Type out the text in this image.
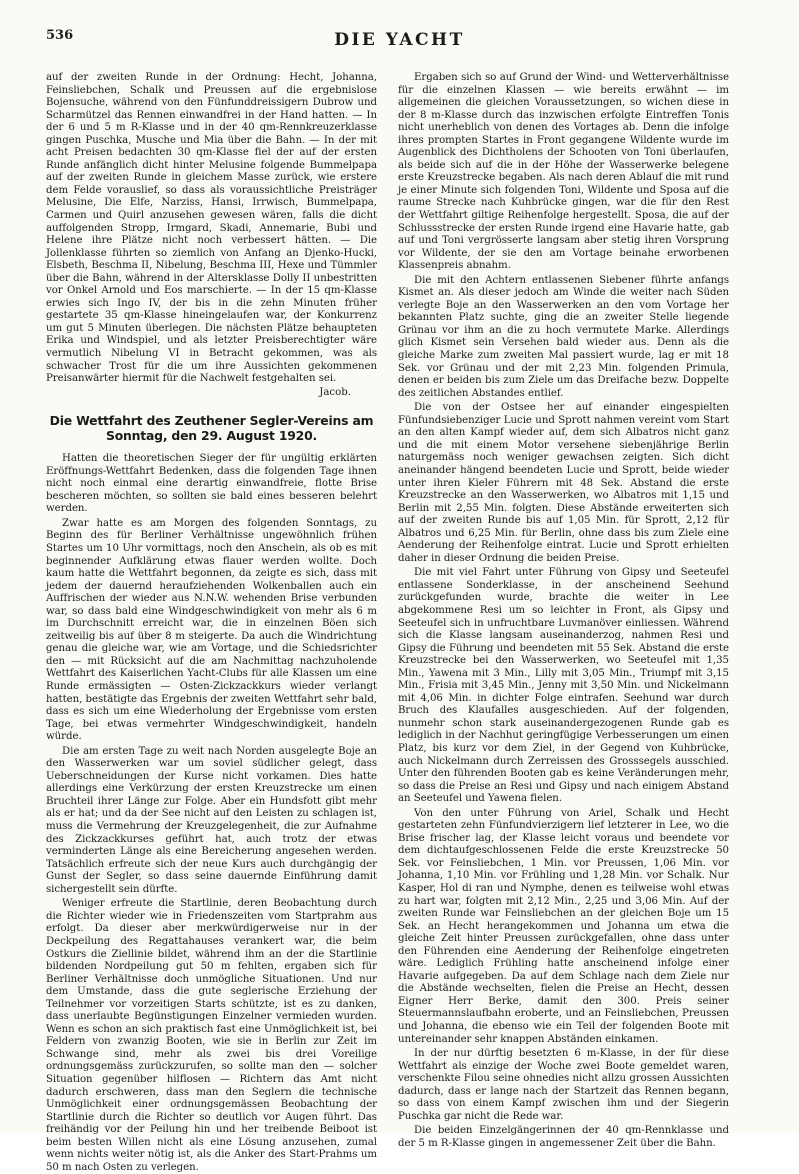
536	DIE YACHT

auf der zweiten Runde in der Ordnung: Hecht, Johanna, Feinsliebchen, Schalk und Preussen auf die ergebnislose Bojensuche, während von den Fünfunddreissigern Dubrow und Scharmützel das Rennen einwandfrei in der Hand hatten. — In der 6 und 5 m R-Klasse und in der 40 qm-Rennkreuzerklasse gingen Puschka, Musche und Mia über die Bahn. — In der mit acht Preisen bedachten 30 qm-Klasse fiel der auf der ersten Runde anfänglich dicht hinter Melusine folgende Bummelpapa auf der zweiten Runde in gleichem Masse zurück, wie erstere dem Felde vorauslief, so dass als voraussichtliche Preisträger Melusine, Die Elfe, Narziss, Hansi, Irrwisch, Bummelpapa, Carmen und Quirl anzusehen gewesen wären, falls die dicht auffolgenden Stropp, Irmgard, Skadi, Annemarie, Bubi und Helene ihre Plätze nicht noch verbessert hätten. — Die Jollenklasse führten so ziemlich von Anfang an Djenko-Hucki, Elsbeth, Beschma II, Nibelung, Beschma III, Hexe und Tümmler über die Bahn, während in der Altersklasse Dolly II unbestritten vor Onkel Arnold und Eos marschierte. — In der 15 qm-Klasse erwies sich Ingo IV, der bis in die zehn Minuten früher gestartete 35 qm-Klasse hineingelaufen war, der Konkurrenz um gut 5 Minuten überlegen. Die nächsten Plätze behaupteten Erika und Windspiel, und als letzter Preisberechtigter wäre vermutlich Nibelung VI in Betracht gekommen, was als schwacher Trost für die um ihre Aussichten gekommenen Preisanwärter hiermit für die Nachwelt festgehalten sei.

Jacob.
Die Wettfahrt des Zeuthener Segler-Vereins am Sonntag, den 29. August 1920.

Hatten die theoretischen Sieger der für ungültig erklärten Eröffnungs-Wettfahrt Bedenken, dass die folgenden Tage ihnen nicht noch einmal eine derartig einwandfreie, flotte Brise bescheren möchten, so sollten sie bald eines besseren belehrt werden.

Zwar hatte es am Morgen des folgenden Sonntags, zu Beginn des für Berliner Verhältnisse ungewöhnlich frühen Startes um 10 Uhr vormittags, noch den Anschein, als ob es mit beginnender Aufklärung etwas flauer werden wollte. Doch kaum hatte die Wettfahrt begonnen, da zeigte es sich, dass mit jedem der dauernd heraufziehenden Wolkenballen auch ein Auffrischen der wieder aus N.N.W. wehenden Brise verbunden war, so dass bald eine Windgeschwindigkeit von mehr als 6 m im Durchschnitt erreicht war, die in einzelnen Böen sich zeitweilig bis auf über 8 m steigerte. Da auch die Windrichtung genau die gleiche war, wie am Vortage, und die Schiedsrichter den — mit Rücksicht auf die am Nachmittag nachzuholende Wettfahrt des Kaiserlichen Yacht-Clubs für alle Klassen um eine Runde ermässigten — Osten-Zickzackkurs wieder verlangt hatten, bestätigte das Ergebnis der zweiten Wettfahrt sehr bald, dass es sich um eine Wiederholung der Ergebnisse vom ersten Tage, bei etwas vermehrter Windgeschwindigkeit, handeln würde.

Die am ersten Tage zu weit nach Norden ausgelegte Boje an den Wasserwerken war um soviel südlicher gelegt, dass Ueberschneidungen der Kurse nicht vorkamen. Dies hatte allerdings eine Verkürzung der ersten Kreuzstrecke um einen Bruchteil ihrer Länge zur Folge. Aber ein Hundsfott gibt mehr als er hat; und da der See nicht auf den Leisten zu schlagen ist, muss die Vermehrung der Kreuzgelegenheit, die zur Aufnahme des Zickzackkurses geführt hat, auch trotz der etwas verminderten Länge als eine Bereicherung angesehen werden. Tatsächlich erfreute sich der neue Kurs auch durchgängig der Gunst der Segler, so dass seine dauernde Einführung damit sichergestellt sein dürfte.

Weniger erfreute die Startlinie, deren Beobachtung durch die Richter wieder wie in Friedenszeiten vom Startprahm aus erfolgt. Da dieser aber merkwürdigerweise nur in der Deckpeilung des Regattahauses verankert war, die beim Ostkurs die Ziellinie bildet, während ihm an der die Startlinie bildenden Nordpeilung gut 50 m fehlten, ergaben sich für Berliner Verhältnisse doch unmögliche Situationen. Und nur dem Umstande, dass die gute seglerische Erziehung der Teilnehmer vor vorzeitigen Starts schützte, ist es zu danken, dass unerlaubte Begünstigungen Einzelner vermieden wurden. Wenn es schon an sich praktisch fast eine Unmöglichkeit ist, bei Feldern von zwanzig Booten, wie sie in Berlin zur Zeit im Schwange sind, mehr als zwei bis drei Voreilige ordnungsgemäss zurückzurufen, so sollte man den — solcher Situation gegenüber hilflosen — Richtern das Amt nicht dadurch erschweren, dass man den Seglern die technische Unmöglichkeit einer ordnungsgemässen Beobachtung der Startlinie durch die Richter so deutlich vor Augen führt. Das freihändig vor der Peilung hin und her treibende Beiboot ist beim besten Willen nicht als eine Lösung anzusehen, zumal wenn nichts weiter nötig ist, als die Anker des Start-Prahms um 50 m nach Osten zu verlegen.

Ergaben sich so auf Grund der Wind- und Wetterverhältnisse für die einzelnen Klassen — wie bereits erwähnt — im allgemeinen die gleichen Voraussetzungen, so wichen diese in der 8 m-Klasse durch das inzwischen erfolgte Eintreffen Tonis nicht unerheblich von denen des Vortages ab. Denn die infolge ihres prompten Startes in Front gegangene Wildente wurde im Augenblick des Dichtholens der Schooten von Toni überlaufen, als beide sich auf die in der Höhe der Wasserwerke belegene erste Kreuzstrecke begaben. Als nach deren Ablauf die mit rund je einer Minute sich folgenden Toni, Wildente und Sposa auf die raume Strecke nach Kuhbrücke gingen, war die für den Rest der Wettfahrt giltige Reihenfolge hergestellt. Sposa, die auf der Schlussstrecke der ersten Runde irgend eine Havarie hatte, gab auf und Toni vergrösserte langsam aber stetig ihren Vorsprung vor Wildente, der sie den am Vortage beinahe erworbenen Klassenpreis abnahm.

Die mit den Achtern entlassenen Siebener führte anfangs Kismet an. Als dieser jedoch am Winde die weiter nach Süden verlegte Boje an den Wasserwerken an den vom Vortage her bekannten Platz suchte, ging die an zweiter Stelle liegende Grünau vor ihm an die zu hoch vermutete Marke. Allerdings glich Kismet sein Versehen bald wieder aus. Denn als die gleiche Marke zum zweiten Mal passiert wurde, lag er mit 18 Sek. vor Grünau und der mit 2,23 Min. folgenden Primula, denen er beiden bis zum Ziele um das Dreifache bezw. Doppelte des zeitlichen Abstandes entlief.

Die von der Ostsee her auf einander eingespielten Fünfundsiebenziger Lucie und Sprott nahmen vereint vom Start an den alten Kampf wieder auf, dem sich Albatros nicht ganz und die mit einem Motor versehene siebenjährige Berlin naturgemäss noch weniger gewachsen zeigten. Sich dicht aneinander hängend beendeten Lucie und Sprott, beide wieder unter ihren Kieler Führern mit 48 Sek. Abstand die erste Kreuzstrecke an den Wasserwerken, wo Albatros mit 1,15 und Berlin mit 2,55 Min. folgten. Diese Abstände erweiterten sich auf der zweiten Runde bis auf 1,05 Min. für Sprott, 2,12 für Albatros und 6,25 Min. für Berlin, ohne dass bis zum Ziele eine Aenderung der Reihenfolge eintrat. Lucie und Sprott erhielten daher in dieser Ordnung die beiden Preise.

Die mit viel Fahrt unter Führung von Gipsy und Seeteufel entlassene Sonderklasse, in der anscheinend Seehund zurückgefunden wurde, brachte die weiter in Lee abgekommene Resi um so leichter in Front, als Gipsy und Seeteufel sich in unfruchtbare Luvmanöver einliessen. Während sich die Klasse langsam auseinanderzog, nahmen Resi und Gipsy die Führung und beendeten mit 55 Sek. Abstand die erste Kreuzstrecke bei den Wasserwerken, wo Seeteufel mit 1,35 Min., Yawena mit 3 Min., Lilly mit 3,05 Min., Triumpf mit 3,15 Min., Frisia mit 3,45 Min., Jenny mit 3,50 Min. und Nickelmann mit 4,06 Min. in dichter Folge eintrafen. Seehund war durch Bruch des Klaufalles ausgeschieden. Auf der folgenden, nunmehr schon stark auseinandergezogenen Runde gab es lediglich in der Nachhut geringfügige Verbesserungen um einen Platz, bis kurz vor dem Ziel, in der Gegend von Kuhbrücke, auch Nickelmann durch Zerreissen des Grosssegels ausschied. Unter den führenden Booten gab es keine Veränderungen mehr, so dass die Preise an Resi und Gipsy und nach einigem Abstand an Seeteufel und Yawena fielen.

Von den unter Führung von Ariel, Schalk und Hecht gestarteten zehn Fünfundvierzigern lief letzterer in Lee, wo die Brise frischer lag, der Klasse leicht voraus und beendete vor dem dichtaufgeschlossenen Felde die erste Kreuzstrecke 50 Sek. vor Feinsliebchen, 1 Min. vor Preussen, 1,06 Min. vor Johanna, 1,10 Min. vor Frühling und 1,28 Min. vor Schalk. Nur Kasper, Hol di ran und Nymphe, denen es teilweise wohl etwas zu hart war, folgten mit 2,12 Min., 2,25 und 3,06 Min. Auf der zweiten Runde war Feinsliebchen an der gleichen Boje um 15 Sek. an Hecht herangekommen und Johanna um etwa die gleiche Zeit hinter Preussen zurückgefallen, ohne dass unter den Führenden eine Aenderung der Reihenfolge eingetreten wäre. Lediglich Frühling hatte anscheinend infolge einer Havarie aufgegeben. Da auf dem Schlage nach dem Ziele nur die Abstände wechselten, fielen die Preise an Hecht, dessen Eigner Herr Berke, damit den 300. Preis seiner Steuermannslaufbahn eroberte, und an Feinsliebchen, Preussen und Johanna, die ebenso wie ein Teil der folgenden Boote mit untereinander sehr knappen Abständen einkamen.

In der nur dürftig besetzten 6 m-Klasse, in der für diese Wettfahrt als einzige der Woche zwei Boote gemeldet waren, verschenkte Filou seine ohnedies nicht allzu grossen Aussichten dadurch, dass er lange nach der Startzeit das Rennen begann, so dass von einem Kampf zwischen ihm und der Siegerin Puschka gar nicht die Rede war.

Die beiden Einzelgängerinnen der 40 qm-Rennklasse und der 5 m R-Klasse gingen in angemessener Zeit über die Bahn.
